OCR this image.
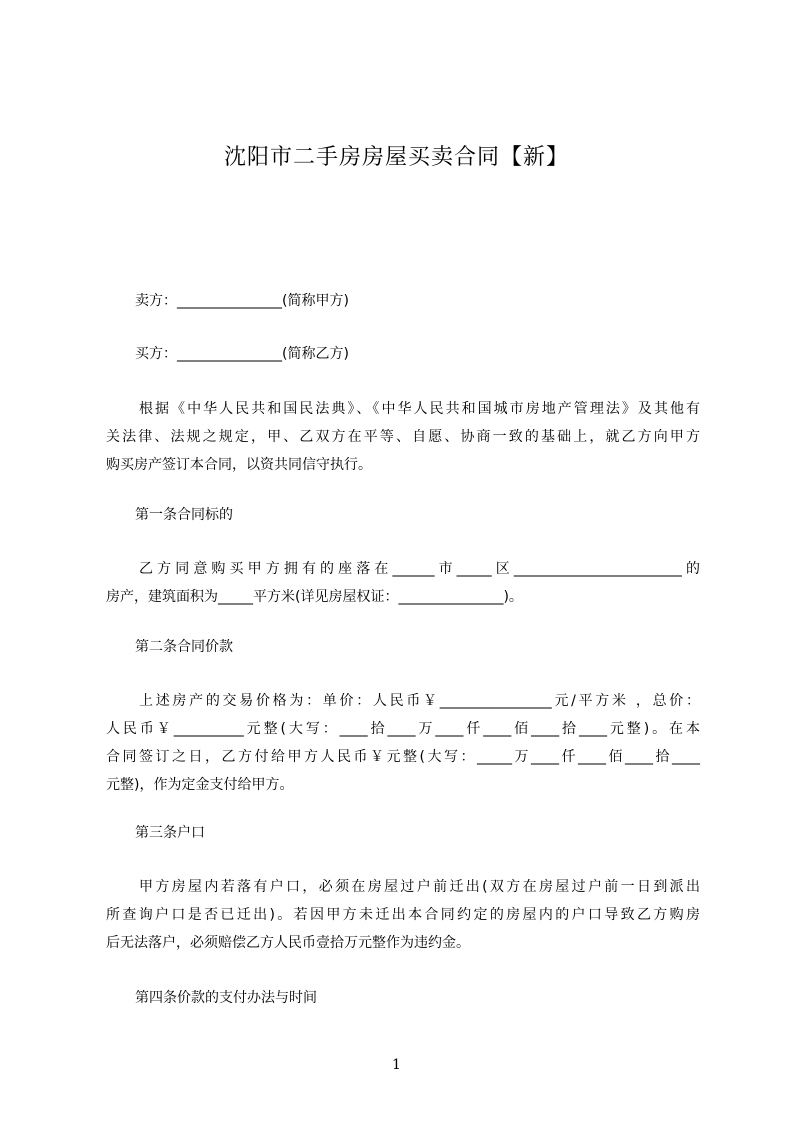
沈阳市二手房房屋买卖合同【新】

卖方：_______________(简称甲方)

买方：_______________(简称乙方)

根据《中华人民共和国民法典》、《中华人民共和国城市房地产管理法》及其他有
关法律、法规之规定，甲、乙双方在平等、自愿、协商一致的基础上，就乙方向甲方
购买房产签订本合同，以资共同信守执行。

第一条合同标的

乙方同意购买甲方拥有的座落在______市_____区________________________的
房产，建筑面积为_____平方米(详见房屋权证：_______________)。

第二条合同价款

上述房产的交易价格为：单价：人民币￥________________元/平方米 ，总价：
人民币￥__________元整(大写：____拾____万____仟____佰____拾____元整)。在本
合同签订之日，乙方付给甲方人民币￥元整(大写：_____万____仟____佰____拾____
元整)，作为定金支付给甲方。

第三条户口

甲方房屋内若落有户口，必须在房屋过户前迁出(双方在房屋过户前一日到派出
所查询户口是否已迁出)。若因甲方未迁出本合同约定的房屋内的户口导致乙方购房
后无法落户，必须赔偿乙方人民币壹拾万元整作为违约金。

第四条价款的支付办法与时间

1
